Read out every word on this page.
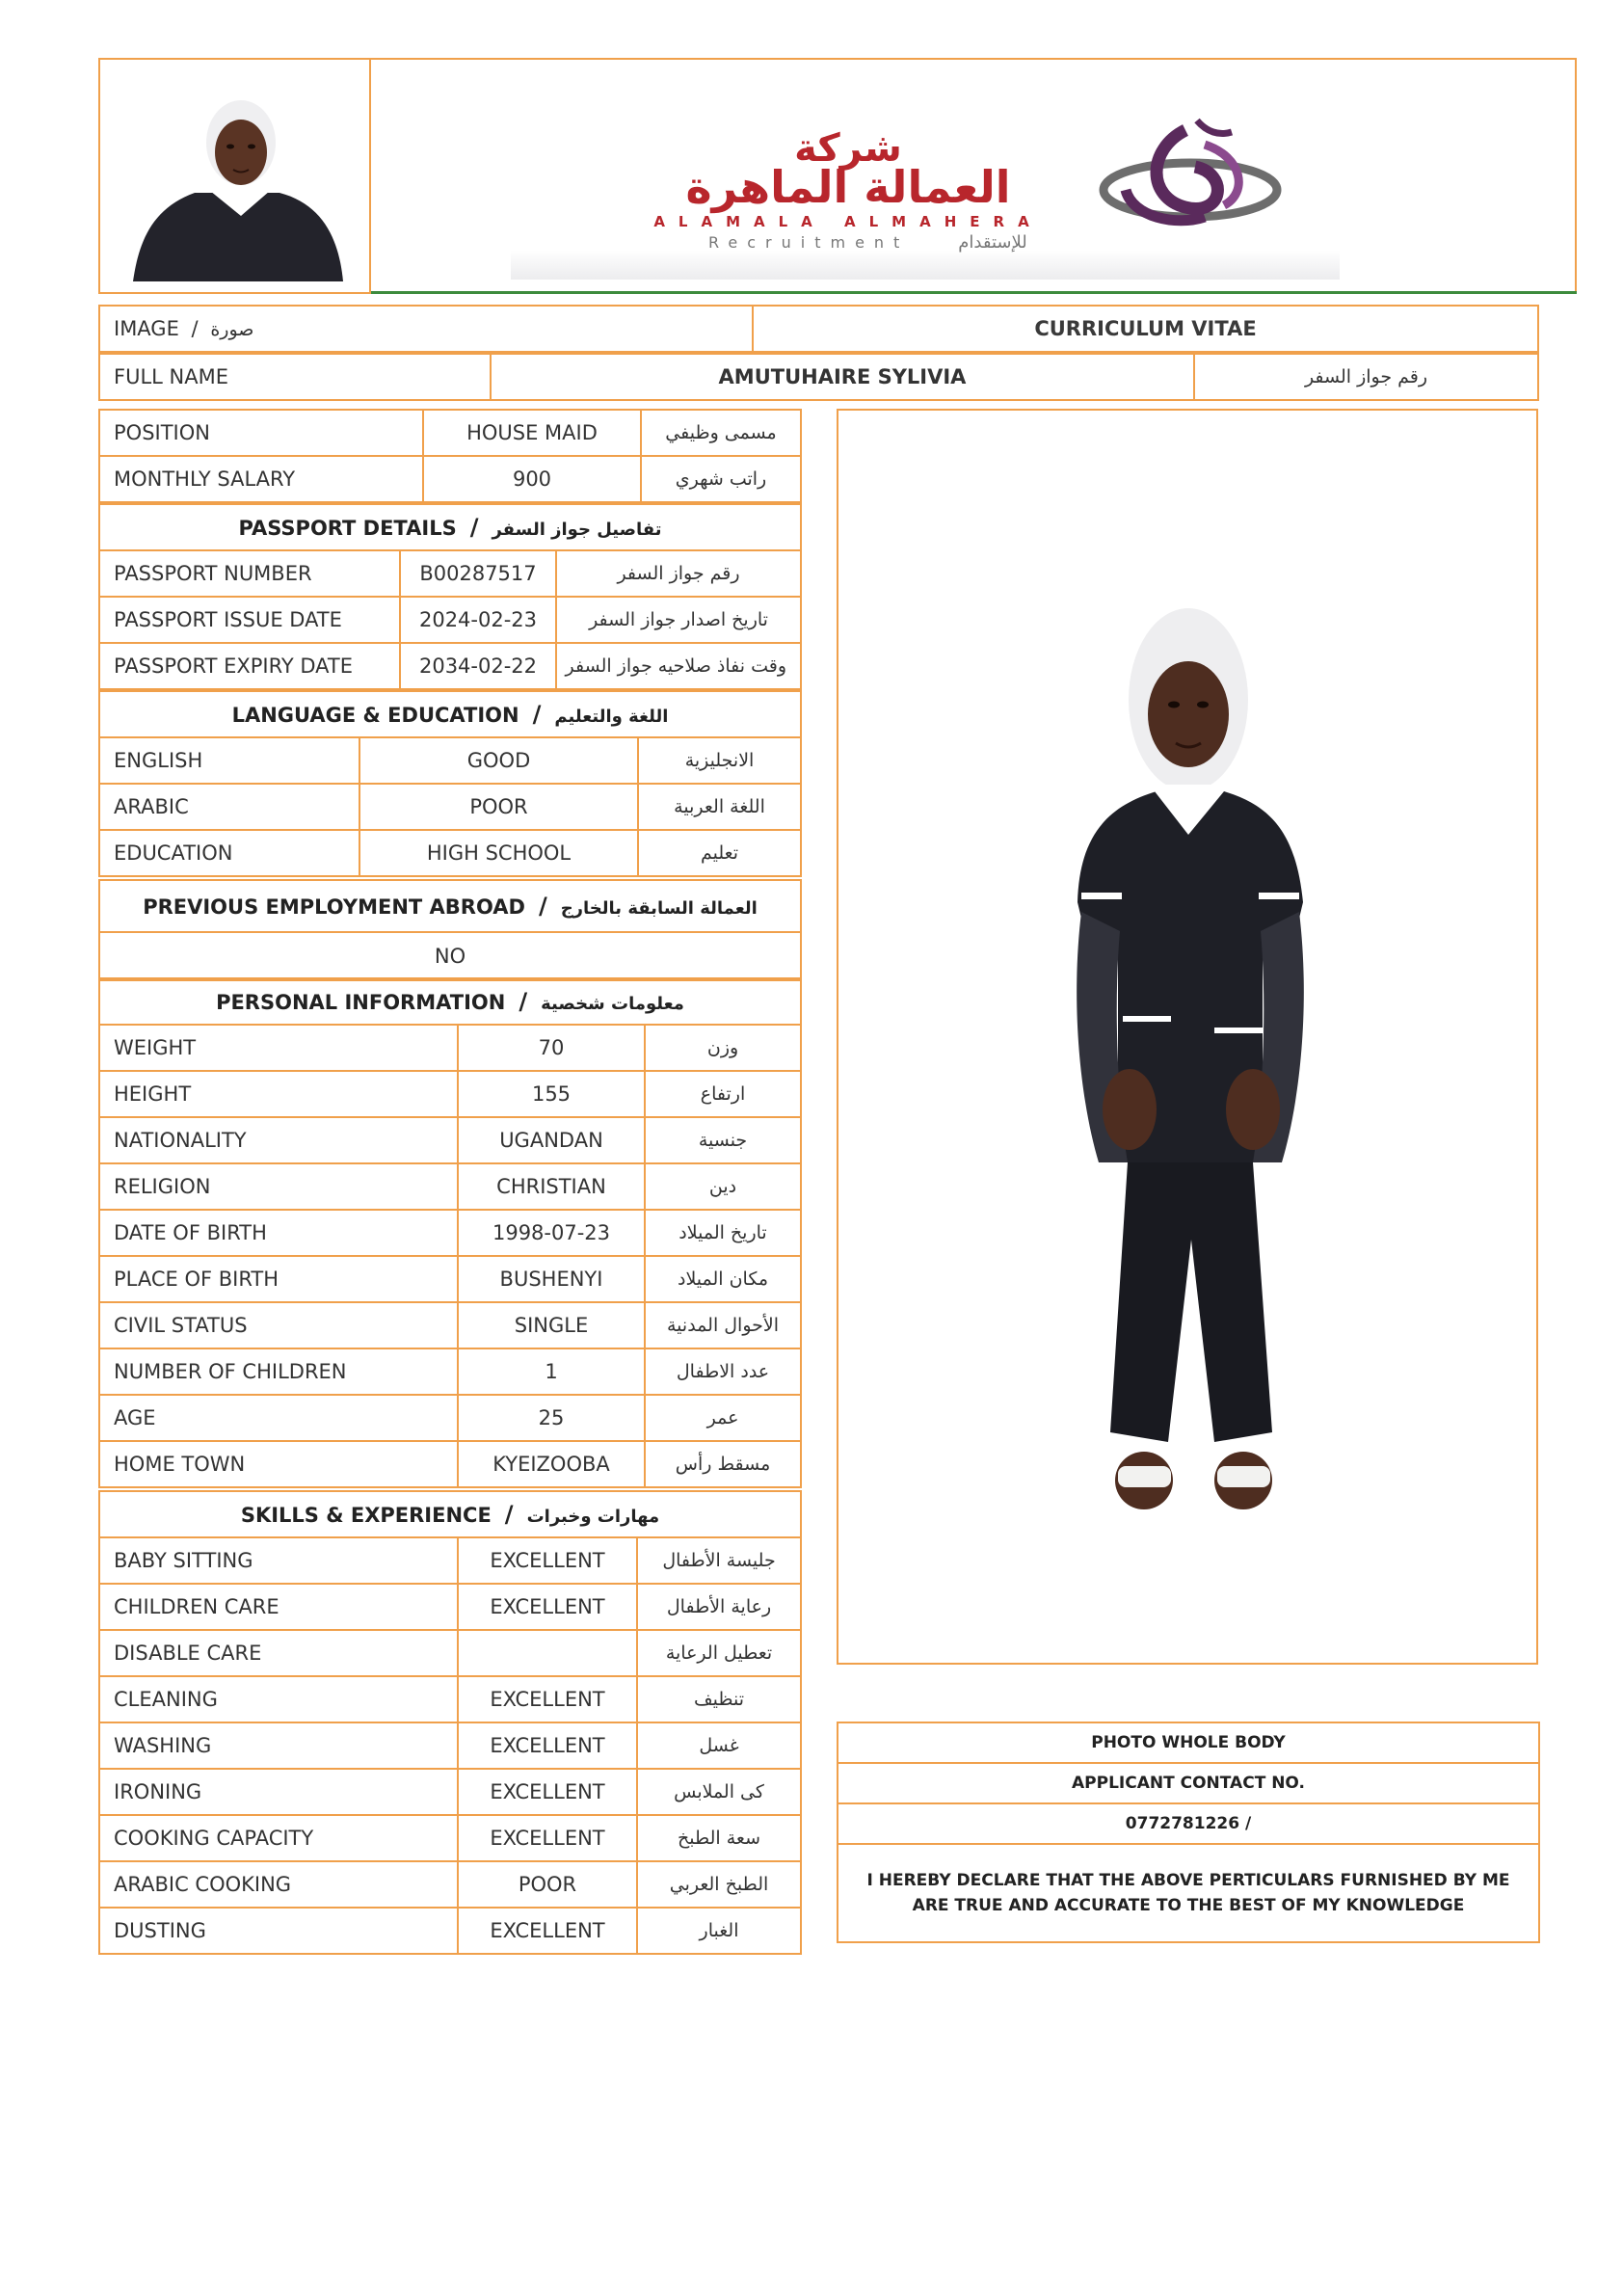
شركة
العمالة الماهرة
ALAMALA ALMAHERA
Recruitment	للإستقدام
IMAGE / صورة	CURRICULUM VITAE
FULL NAME	AMUTUHAIRE SYLIVIA	رقم جواز السفر
POSITION	HOUSE MAID	مسمى وظيفي
MONTHLY SALARY	900	راتب شهري
PASSPORT DETAILS / تفاصيل جواز السفر		
PASSPORT NUMBER	B00287517	رقم جواز السفر
PASSPORT ISSUE DATE	2024-02-23	تاريخ اصدار جواز السفر
PASSPORT EXPIRY DATE	2034-02-22	وقت نفاذ صلاحيه جواز السفر
LANGUAGE & EDUCATION / اللغة والتعليم		
ENGLISH	GOOD	الانجليزية
ARABIC	POOR	اللغة العربية
EDUCATION	HIGH SCHOOL	تعليم
PREVIOUS EMPLOYMENT ABROAD / العمالة السابقة بالخارج
NO
PERSONAL INFORMATION / معلومات شخصية		
WEIGHT	70	وزن
HEIGHT	155	ارتفاع
NATIONALITY	UGANDAN	جنسية
RELIGION	CHRISTIAN	دين
DATE OF BIRTH	1998-07-23	تاريخ الميلاد
PLACE OF BIRTH	BUSHENYI	مكان الميلاد
CIVIL STATUS	SINGLE	الأحوال المدنية
NUMBER OF CHILDREN	1	عدد الاطفال
AGE	25	عمر
HOME TOWN	KYEIZOOBA	مسقط رأس
SKILLS & EXPERIENCE / مهارات وخبرات		
BABY SITTING	EXCELLENT	جليسة الأطفال
CHILDREN CARE	EXCELLENT	رعاية الأطفال
DISABLE CARE		تعطيل الرعاية
CLEANING	EXCELLENT	تنظيف
WASHING	EXCELLENT	غسل
IRONING	EXCELLENT	كى الملابس
COOKING CAPACITY	EXCELLENT	سعة الطبخ
ARABIC COOKING	POOR	الطبخ العربي
DUSTING	EXCELLENT	الغبار
PHOTO WHOLE BODY
APPLICANT CONTACT NO.
0772781226 /
I HEREBY DECLARE THAT THE ABOVE PERTICULARS FURNISHED BY ME ARE TRUE AND ACCURATE TO THE BEST OF MY KNOWLEDGE
